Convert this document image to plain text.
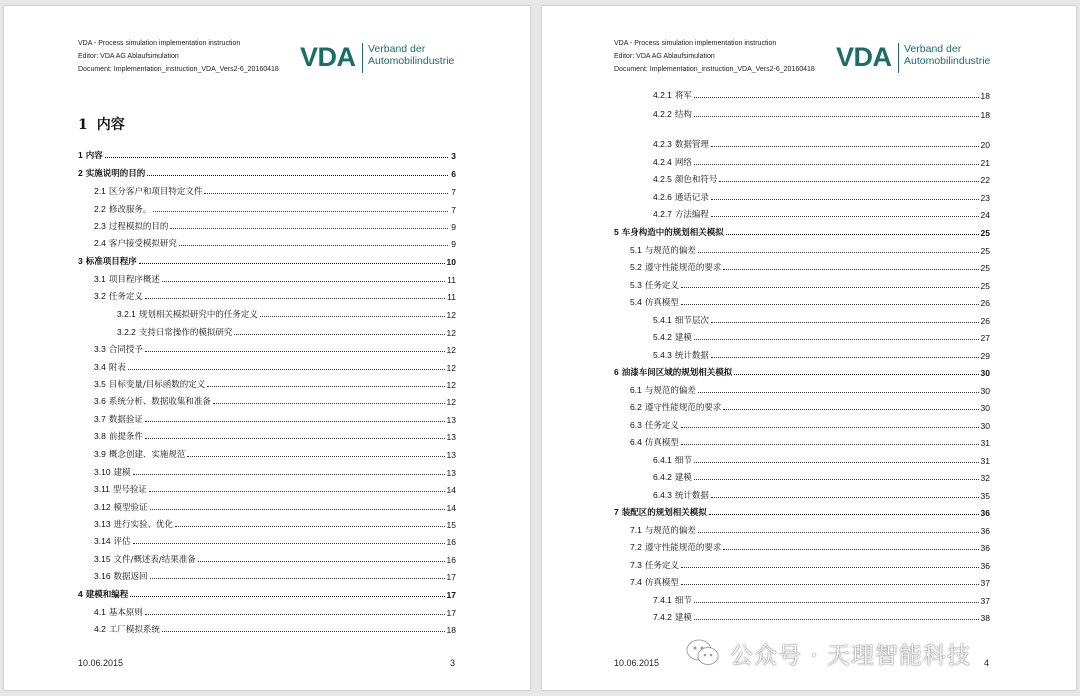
VDA - Process simulation implementation instruction
Editor: VDA AG Ablaufsimulation
Document: Implementation_instruction_VDA_Vers2-6_20160418 VDA Verband der
Automobilindustrie
1 内容
1 内容	3
2 实施说明的目的	6
2.1 区分客户和项目特定文件	7
2.2 修改服务。	7
2.3 过程模拟的目的	9
2.4 客户接受模拟研究	9
3 标准项目程序	10
3.1 项目程序概述	11
3.2 任务定义	11
3.2.1 规划相关模拟研究中的任务定义	12
3.2.2 支持日常操作的模拟研究	12
3.3 合同授予	12
3.4 附表	12
3.5 目标变量/目标函数的定义	12
3.6 系统分析、数据收集和准备	12
3.7 数据验证	13
3.8 前提条件	13
3.9 概念创建、实施规范	13
3.10 建模	13
3.11 型号验证	14
3.12 模型验证	14
3.13 进行实验、优化	15
3.14 评估	16
3.15 文件/概述表/结果准备	16
3.16 数据返回	17
4 建模和编程	17
4.1 基本原则	17
4.2 工厂模拟系统	18
10.06.2015	3
VDA - Process simulation implementation instruction
Editor: VDA AG Ablaufsimulation
Document: Implementation_instruction_VDA_Vers2-6_20160418 VDA Verband der
Automobilindustrie
4.2.1 将军	18
4.2.2 结构	18
4.2.3 数据管理	20
4.2.4 网络	21
4.2.5 颜色和符号	22
4.2.6 通话记录	23
4.2.7 方法编程	24
5 车身构造中的规划相关模拟	25
5.1 与规范的偏差	25
5.2 遵守性能规范的要求	25
5.3 任务定义	25
5.4 仿真模型	26
5.4.1 细节层次	26
5.4.2 建模	27
5.4.3 统计数据	29
6 油漆车间区域的规划相关模拟	30
6.1 与规范的偏差	30
6.2 遵守性能规范的要求	30
6.3 任务定义	30
6.4 仿真模型	31
6.4.1 细节	31
6.4.2 建模	32
6.4.3 统计数据	35
7 装配区的规划相关模拟	36
7.1 与规范的偏差	36
7.2 遵守性能规范的要求	36
7.3 任务定义	36
7.4 仿真模型	37
7.4.1 细节	37
7.4.2 建模	38
10.06.2015	4
公众号 · 天理智能科技
